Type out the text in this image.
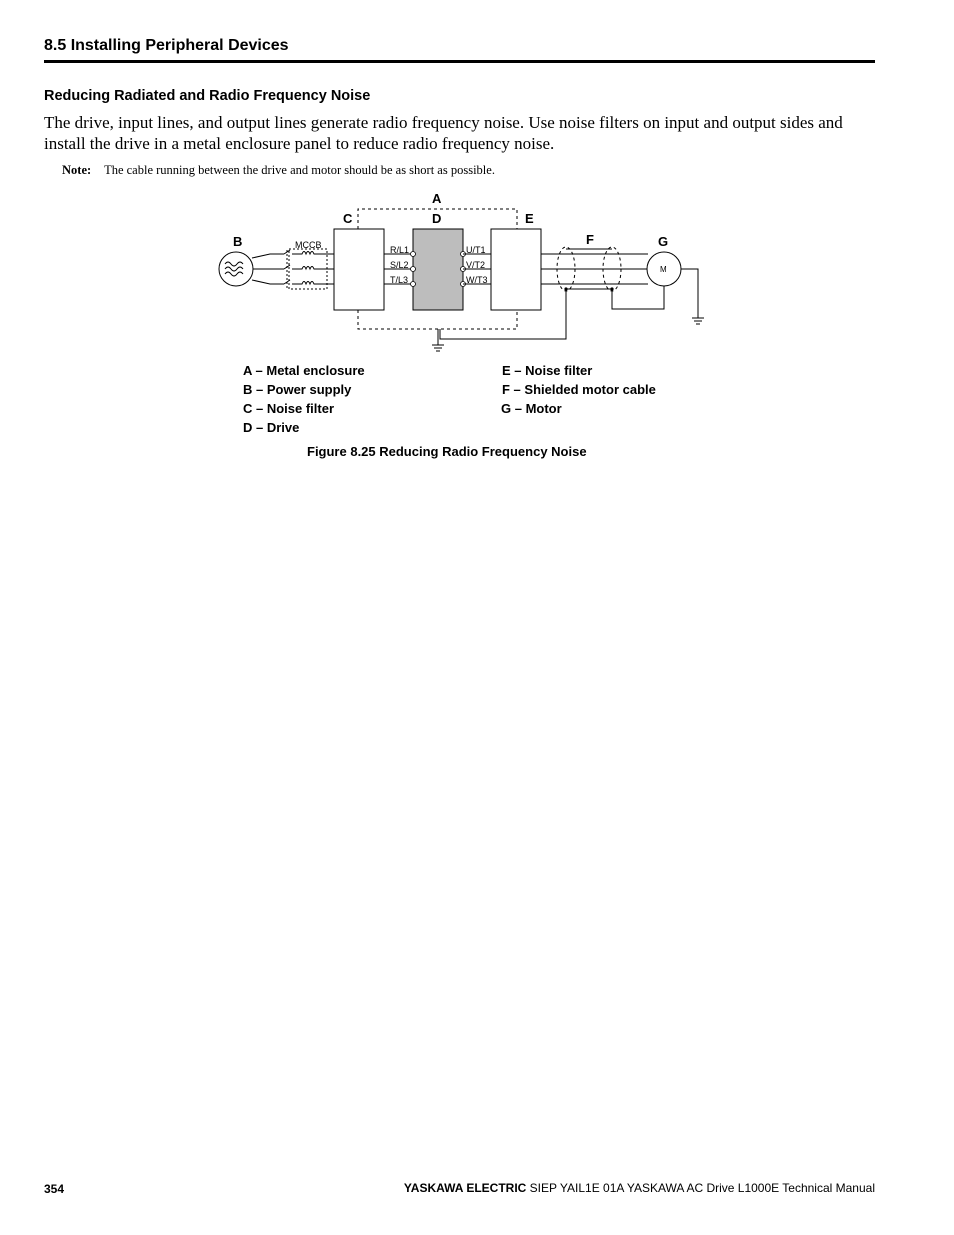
8.5 Installing Peripheral Devices
Reducing Radiated and Radio Frequency Noise
The drive, input lines, and output lines generate radio frequency noise. Use noise filters on input and output sides and install the drive in a metal enclosure panel to reduce radio frequency noise.
Note: The cable running between the drive and motor should be as short as possible.
A
B
C	D	E
F	G
MCCB	R/L1
S/L2
T/L3
U/T1
V/T2
W/T3
M
A – Metal enclosure
B – Power supply
C – Noise filter
D – Drive
E – Noise filter
F – Shielded motor cable
G – Motor
Figure 8.25 Reducing Radio Frequency Noise
354	YASKAWA ELECTRIC SIEP YAIL1E 01A YASKAWA AC Drive L1000E Technical Manual
